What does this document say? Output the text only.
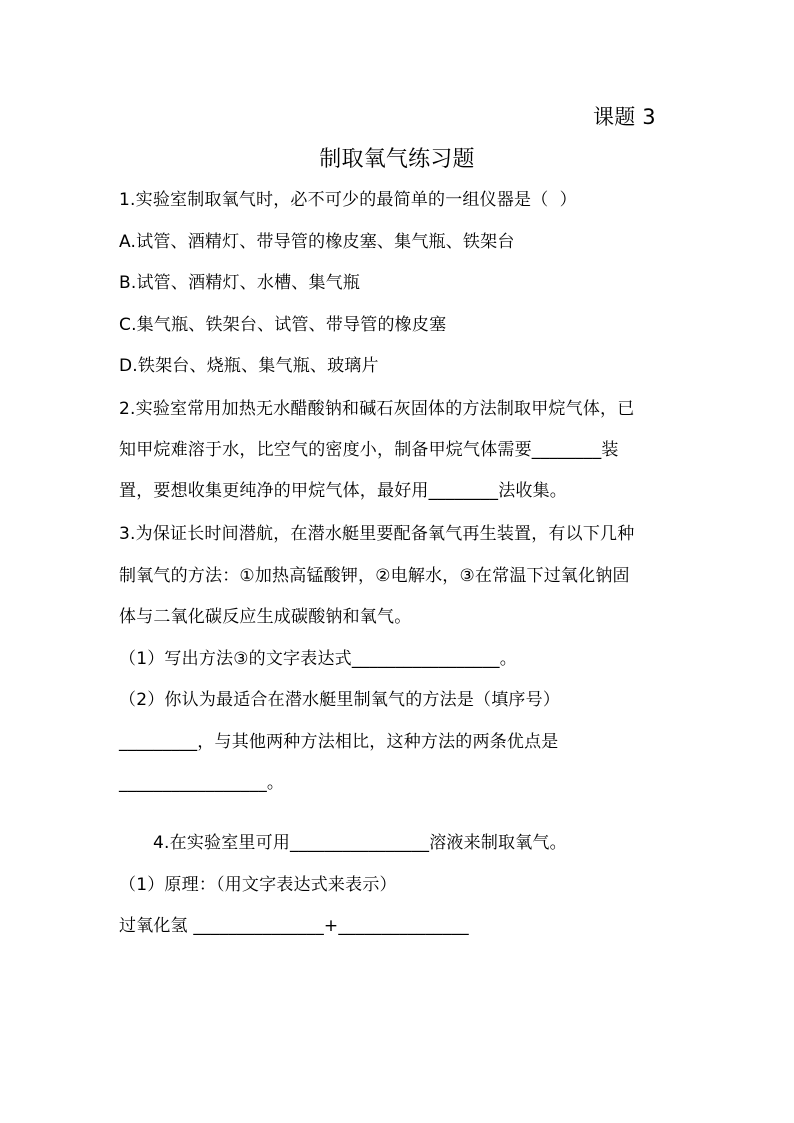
课题 3
制取氧气练习题
1.实验室制取氧气时，必不可少的最简单的一组仪器是（  ）
A.试管、酒精灯、带导管的橡皮塞、集气瓶、铁架台
B.试管、酒精灯、水槽、集气瓶
C.集气瓶、铁架台、试管、带导管的橡皮塞
D.铁架台、烧瓶、集气瓶、玻璃片
2.实验室常用加热无水醋酸钠和碱石灰固体的方法制取甲烷气体，已
知甲烷难溶于水，比空气的密度小，制备甲烷气体需要________装
置，要想收集更纯净的甲烷气体，最好用________法收集。
3.为保证长时间潜航，在潜水艇里要配备氧气再生装置，有以下几种
制氧气的方法：①加热高锰酸钾，②电解水，③在常温下过氧化钠固
体与二氧化碳反应生成碳酸钠和氧气。
（1）写出方法③的文字表达式_________________。
（2）你认为最适合在潜水艇里制氧气的方法是（填序号）
_________，与其他两种方法相比，这种方法的两条优点是
_________________。
4.在实验室里可用________________溶液来制取氧气。
（1）原理：（用文字表达式来表示）
过氧化氢 _______________+_______________
